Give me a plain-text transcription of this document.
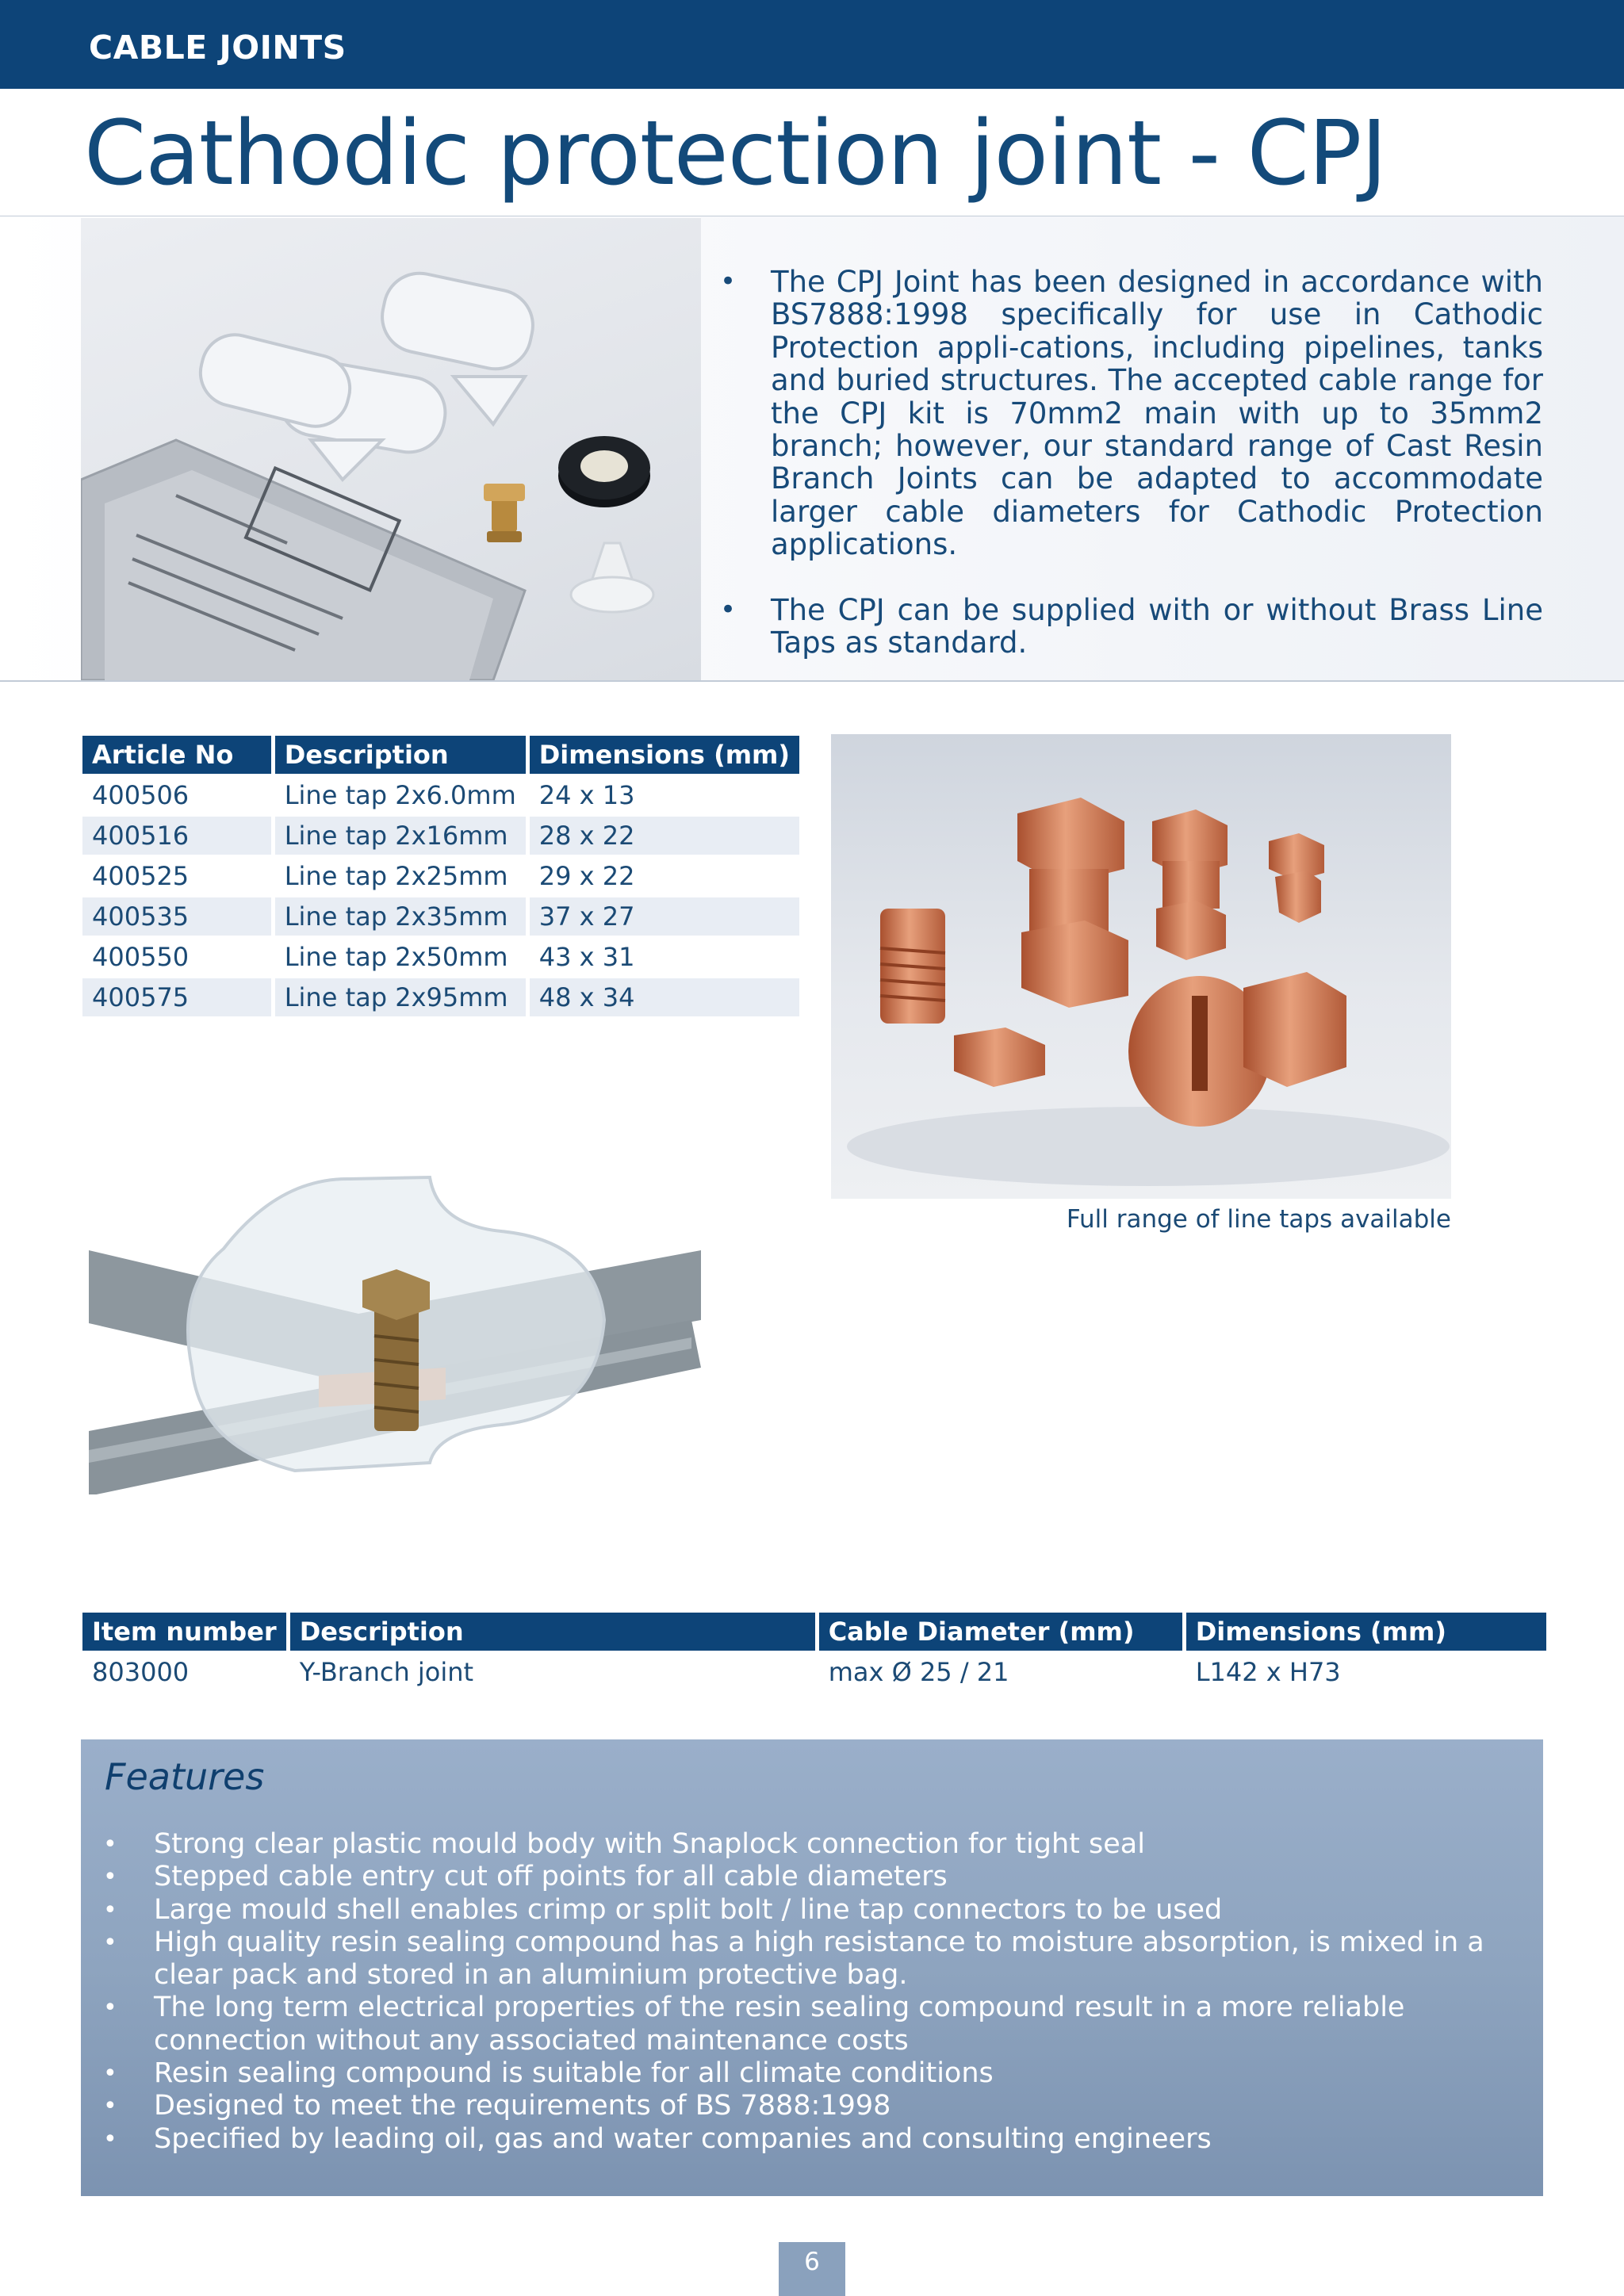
CABLE JOINTS
Cathodic protection joint - CPJ
• The CPJ Joint has been designed in accordance with BS7888:1998 specifically for use in Cathodic Protection appli-cations, including pipelines, tanks and buried structures. The accepted cable range for the CPJ kit is 70mm2 main with up to 35mm2 branch; however, our standard range of Cast Resin Branch Joints can be adapted to accommodate larger cable diameters for Cathodic Protection applications.
• The CPJ can be supplied with or without Brass Line Taps as standard.
Article No	Description	Dimensions (mm)
400506	Line tap 2x6.0mm	24 x 13
400516	Line tap 2x16mm	28 x 22
400525	Line tap 2x25mm	29 x 22
400535	Line tap 2x35mm	37 x 27
400550	Line tap 2x50mm	43 x 31
400575	Line tap 2x95mm	48 x 34
Full range of line taps available
Item number	Description	Cable Diameter (mm)	Dimensions (mm)
803000	Y-Branch joint	max Ø 25 / 21	L142 x H73
Features
• Strong clear plastic mould body with Snaplock connection for tight seal
• Stepped cable entry cut off points for all cable diameters
• Large mould shell enables crimp or split bolt / line tap connectors to be used
• High quality resin sealing compound has a high resistance to moisture absorption, is mixed in a clear pack and stored in an aluminium protective bag.
• The long term electrical properties of the resin sealing compound result in a more reliable connection without any associated maintenance costs
• Resin sealing compound is suitable for all climate conditions
• Designed to meet the requirements of BS 7888:1998
• Specified by leading oil, gas and water companies and consulting engineers
6
